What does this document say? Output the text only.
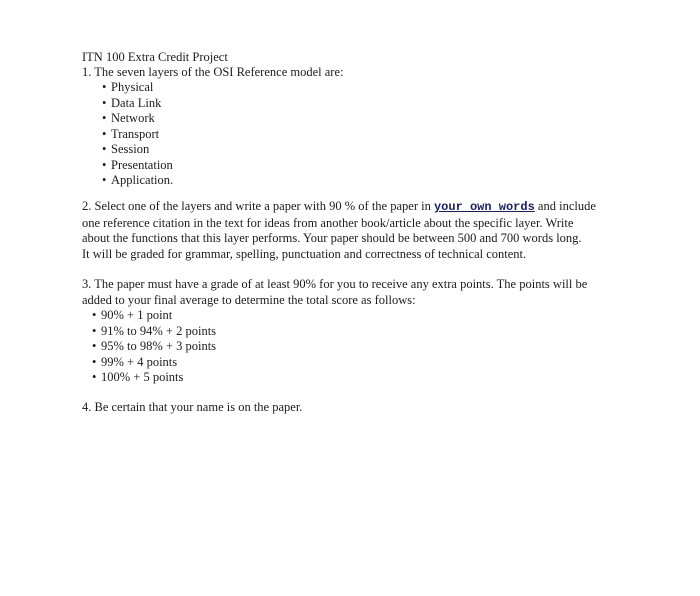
ITN 100 Extra Credit Project
1. The seven layers of the OSI Reference model are:
• Physical
• Data Link
• Network
• Transport
• Session
• Presentation
• Application.
2. Select one of the layers and write a paper with 90 % of the paper in your own words and include
one reference citation in the text for ideas from another book/article about the specific layer. Write
about the functions that this layer performs. Your paper should be between 500 and 700 words long.
It will be graded for grammar, spelling, punctuation and correctness of technical content.
3. The paper must have a grade of at least 90% for you to receive any extra points. The points will be
added to your final average to determine the total score as follows:
• 90% + 1 point
• 91% to 94% + 2 points
• 95% to 98% + 3 points
• 99% + 4 points
• 100% + 5 points
4. Be certain that your name is on the paper.
